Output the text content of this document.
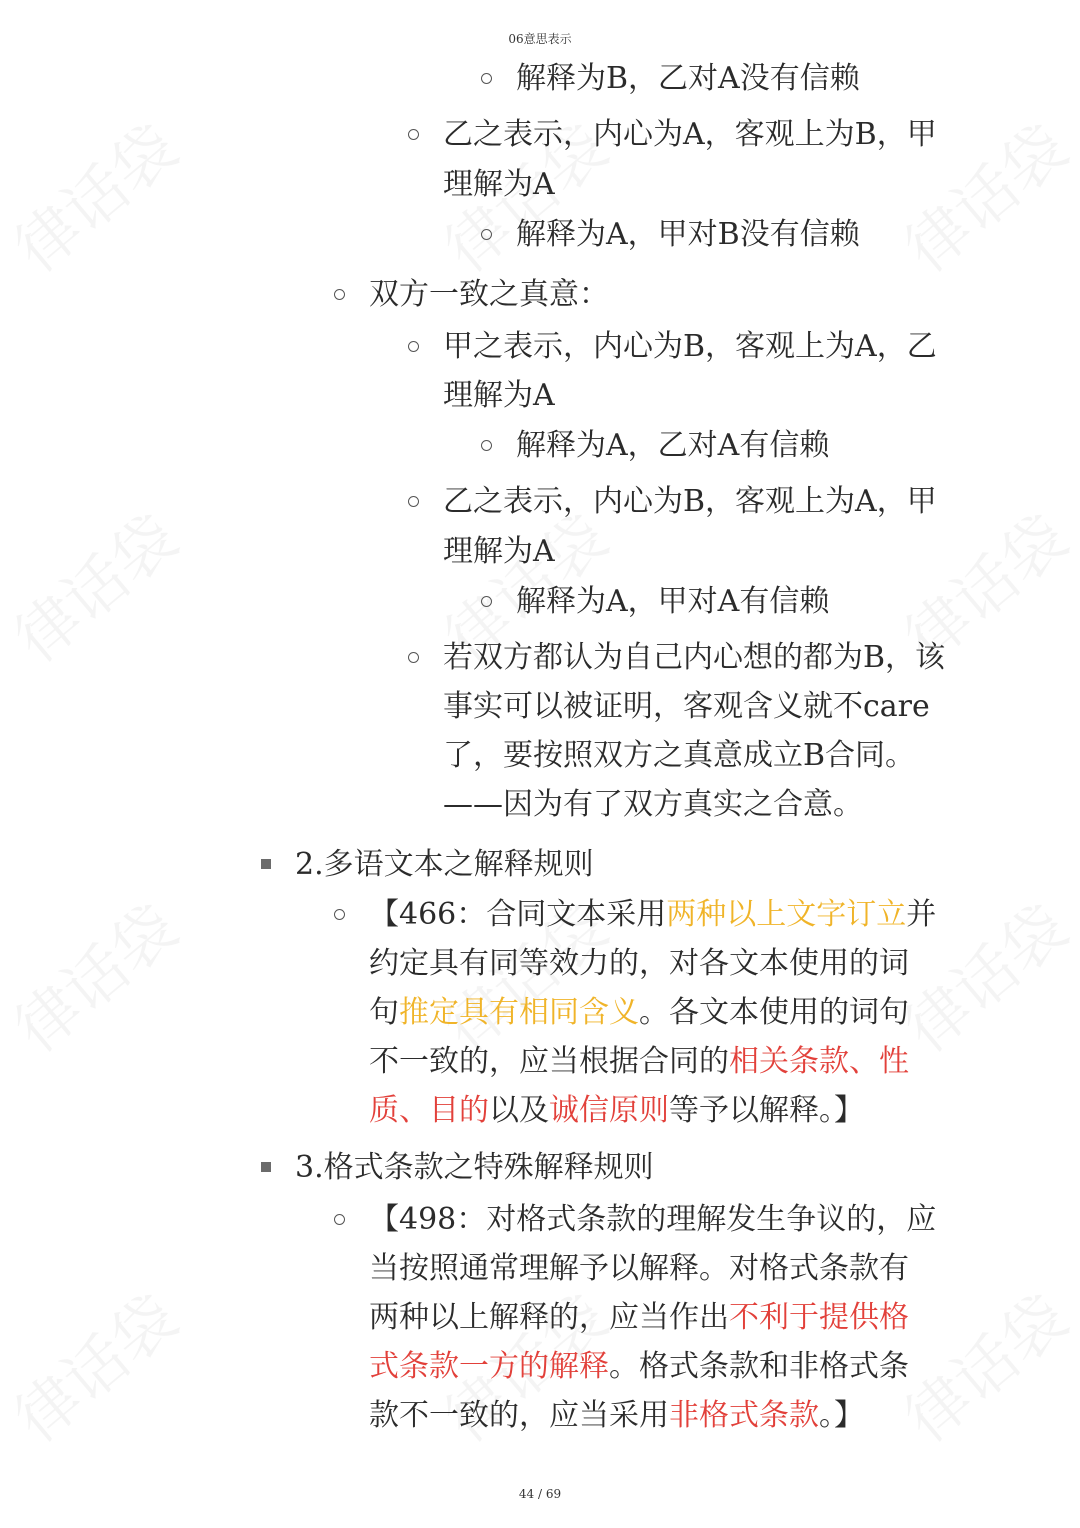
06意思表示
解释为B，乙对A没有信赖
乙之表示，内心为A，客观上为B，甲
理解为A
解释为A，甲对B没有信赖
双方一致之真意：
甲之表示，内心为B，客观上为A，乙
理解为A
解释为A，乙对A有信赖
乙之表示，内心为B，客观上为A，甲
理解为A
解释为A，甲对A有信赖
若双方都认为自己内心想的都为B，该
事实可以被证明，客观含义就不care
了，要按照双方之真意成立B合同。
——因为有了双方真实之合意。
2.多语文本之解释规则
【466：合同文本采用两种以上文字订立并
约定具有同等效力的，对各文本使用的词
句推定具有相同含义。各文本使用的词句
不一致的，应当根据合同的相关条款、性
质、目的以及诚信原则等予以解释。】
3.格式条款之特殊解释规则
【498：对格式条款的理解发生争议的，应
当按照通常理解予以解释。对格式条款有
两种以上解释的，应当作出不利于提供格
式条款一方的解释。格式条款和非格式条
款不一致的，应当采用非格式条款。】
44 / 69
